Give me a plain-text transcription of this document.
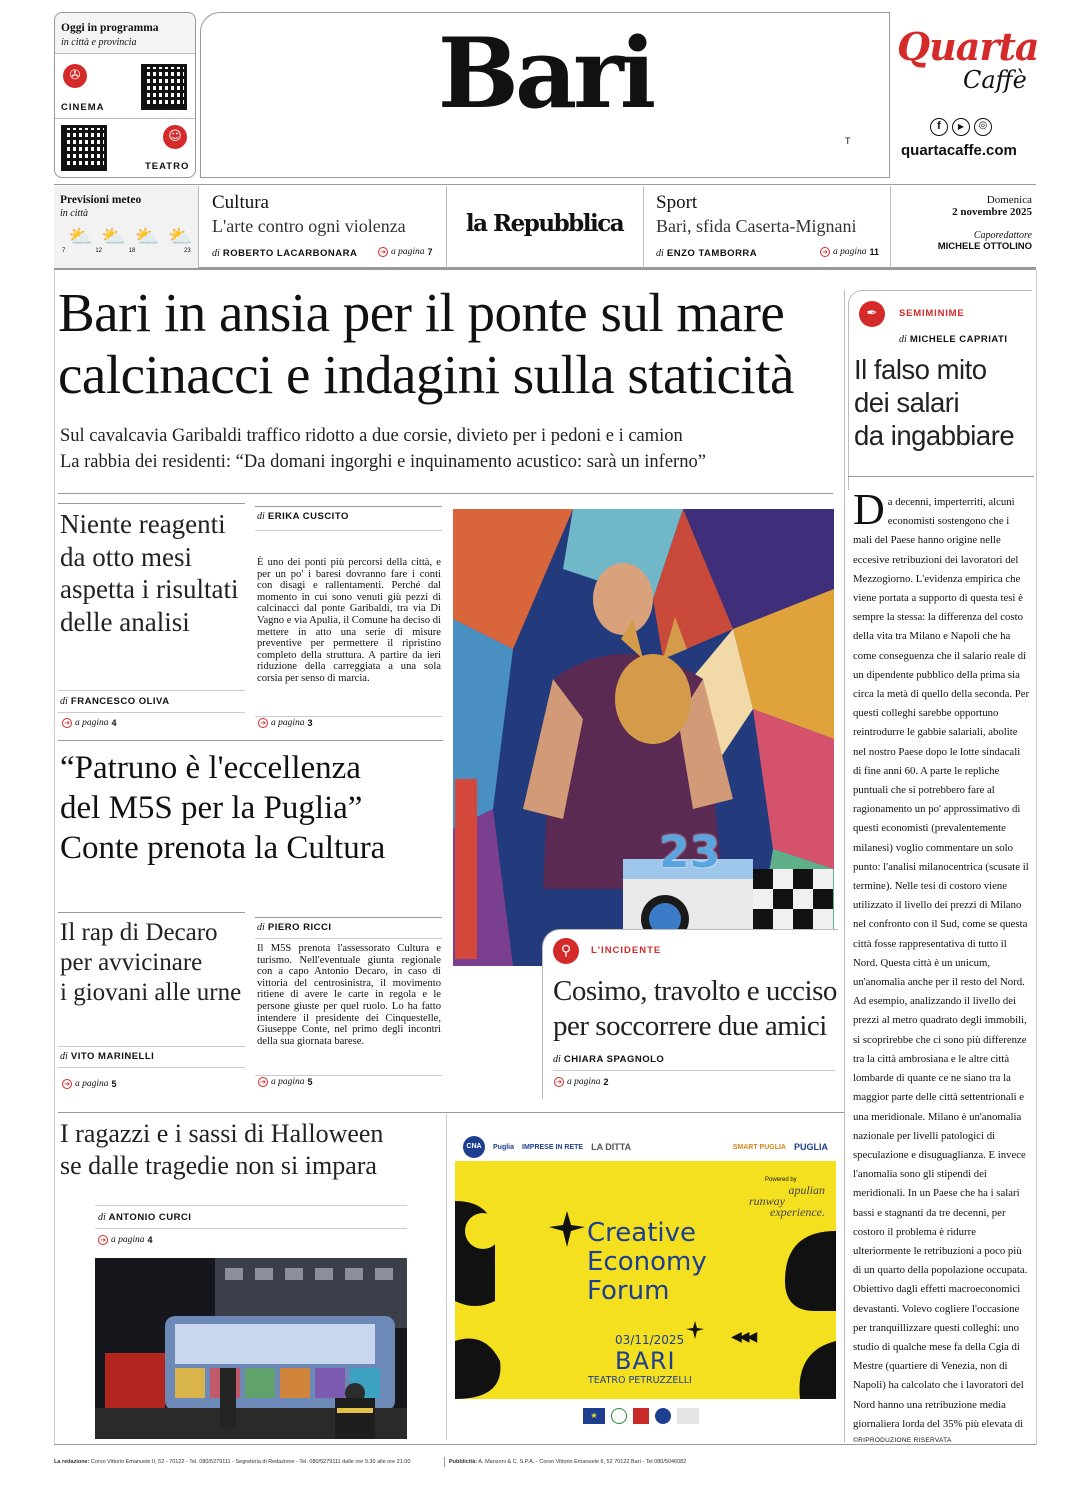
Oggi in programma
in città e provincia
✇
CINEMA
☺
TEATRO
Bari
T
Quarta
Caffè
f	▶	◎
quartacaffe.com
Previsioni meteo
in città
⛅
7
⛅
12
⛅
18
⛅
23
Cultura
L'arte contro ogni violenza
di ROBERTO LACARBONARA	➔ a pagina 7
la Repubblica
Sport
Bari, sfida Caserta-Mignani
di ENZO TAMBORRA	➔ a pagina 11
Domenica
2 novembre 2025
Caporedattore
MICHELE OTTOLINO
Bari in ansia per il ponte sul mare
calcinacci e indagini sulla staticità
Sul cavalcavia Garibaldi traffico ridotto a due corsie, divieto per i pedoni e i camion
La rabbia dei residenti: “Da domani ingorghi e inquinamento acustico: sarà un inferno”
Niente reagenti
da otto mesi
aspetta i risultati
delle analisi
di FRANCESCO OLIVA
➔ a pagina 4
di ERIKA CUSCITO
È uno dei ponti più percorsi della città, e per un po' i baresi dovranno fare i conti con disagi e rallentamenti. Perché dal momento in cui sono venuti giù pezzi di calcinacci dal ponte Garibaldi, tra via Di Vagno e via Apulia, il Comune ha deciso di mettere in atto una serie di misure preventive per permettere il ripristino completo della struttura. A partire da ieri riduzione della carreggiata a una sola corsia per senso di marcia.
➔ a pagina 3
“Patruno è l'eccellenza
del M5S per la Puglia”
Conte prenota la Cultura
Il rap di Decaro
per avvicinare
i giovani alle urne
di VITO MARINELLI
➔ a pagina 5
di PIERO RICCI
Il M5S prenota l'assessorato Cultura e turismo. Nell'eventuale giunta regionale con a capo Antonio Decaro, in caso di vittoria del centrosinistra, il movimento ritiene di avere le carte in regola e le persone giuste per quel ruolo. Lo ha fatto intendere il presidente dei Cinquestelle, Giuseppe Conte, nel primo degli incontri della sua giornata barese.
➔ a pagina 5
23
⚲	L'INCIDENTE
Cosimo, travolto e ucciso
per soccorrere due amici
di CHIARA SPAGNOLO
➔ a pagina 2
✒	SEMIMINIME
di MICHELE CAPRIATI
Il falso mito
dei salari
da ingabbiare
D a decenni, imperterriti, alcuni economisti sostengono che i mali del Paese hanno origine nelle eccesive retribuzioni dei lavoratori del Mezzogiorno. L'evidenza empirica che viene portata a supporto di questa tesi è sempre la stessa: la differenza del costo della vita tra Milano e Napoli che ha come conseguenza che il salario reale di un dipendente pubblico della prima sia circa la metà di quello della seconda. Per questi colleghi sarebbe opportuno reintrodurre le gabbie salariali, abolite nel nostro Paese dopo le lotte sindacali di fine anni 60. A parte le repliche puntuali che si potrebbero fare al ragionamento un po' approssimativo di questi economisti (prevalentemente milanesi) voglio commentare un solo punto: l'analisi milanocentrica (scusate il termine). Nelle tesi di costoro viene utilizzato il livello dei prezzi di Milano nel confronto con il Sud, come se questa città fosse rappresentativa di tutto il Nord. Questa città è un unicum, un'anomalia anche per il resto del Nord. Ad esempio, analizzando il livello dei prezzi al metro quadrato degli immobili, si scoprirebbe che ci sono più differenze tra la città ambrosiana e le altre città lombarde di quante ce ne siano tra la maggior parte delle città settentrionali e una meridionale. Milano è un'anomalia nazionale per livelli patologici di speculazione e disuguaglianza. E invece l'anomalia sono gli stipendi dei meridionali. In un Paese che ha i salari bassi e stagnanti da tre decenni, per costoro il problema è ridurre ulteriormente le retribuzioni a poco più di un quarto della popolazione occupata. Obiettivo dagli effetti macroeconomici devastanti. Volevo cogliere l'occasione per tranquillizzare questi colleghi: uno studio di qualche mese fa della Cgia di Mestre (quartiere di Venezia, non di Napoli) ha calcolato che i lavoratori del Nord hanno una retribuzione media giornaliera lorda del 35% più elevata di
©RIPRODUZIONE RISERVATA
I ragazzi e i sassi di Halloween
se dalle tragedie non si impara
di ANTONIO CURCI
➔ a pagina 4
CNA	Puglia IMPRESE IN RETE LA DITTA	SMART PUGLIA PUGLIA
Powered by
apulian
runway
experience.
Creative
Economy
Forum
◀◀◀
03/11/2025
BARI
TEATRO PETRUZZELLI
★
La redazione: Corso Vittorio Emanuele II, 52 - 70122 - Tel. 080/5279111 - Segreteria di Redazione - Tel. 080/5279111 dalle ore 9.30 alle ore 21.00	Pubblicità: A. Manzoni & C. S.P.A. - Corso Vittorio Emanuele II, 52 70122 Bari - Tel 080/5046082
